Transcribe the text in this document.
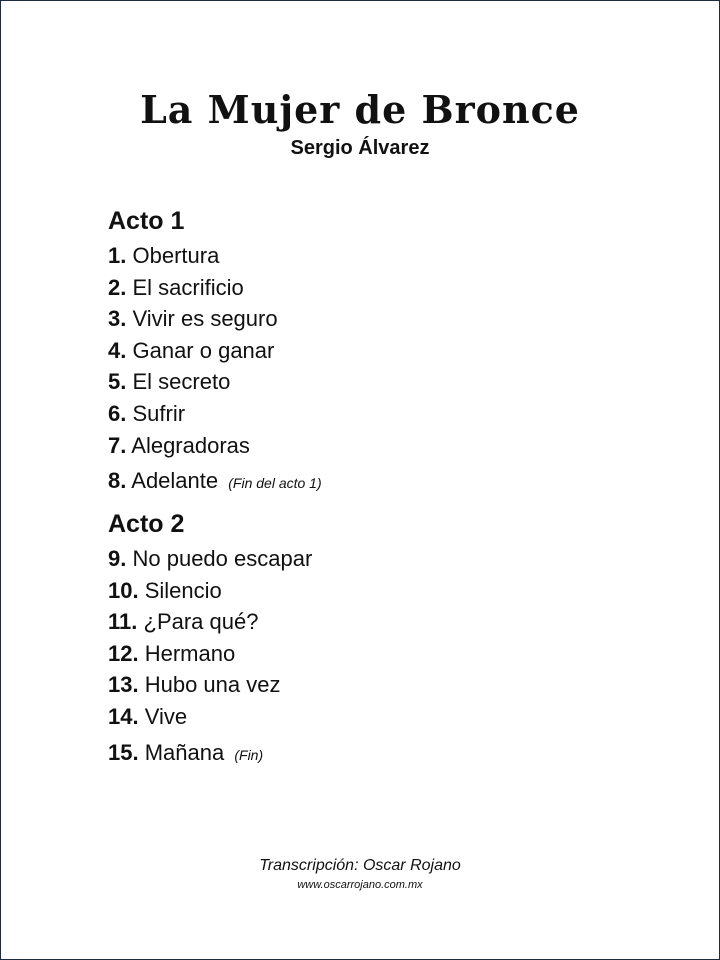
La Mujer de Bronce
Sergio Álvarez
Acto 1
1. Obertura
2. El sacrificio
3. Vivir es seguro
4. Ganar o ganar
5. El secreto
6. Sufrir
7. Alegradoras
8. Adelante (Fin del acto 1)
Acto 2
9. No puedo escapar
10. Silencio
11. ¿Para qué?
12. Hermano
13. Hubo una vez
14. Vive
15. Mañana (Fin)
Transcripción: Oscar Rojano
www.oscarrojano.com.mx
